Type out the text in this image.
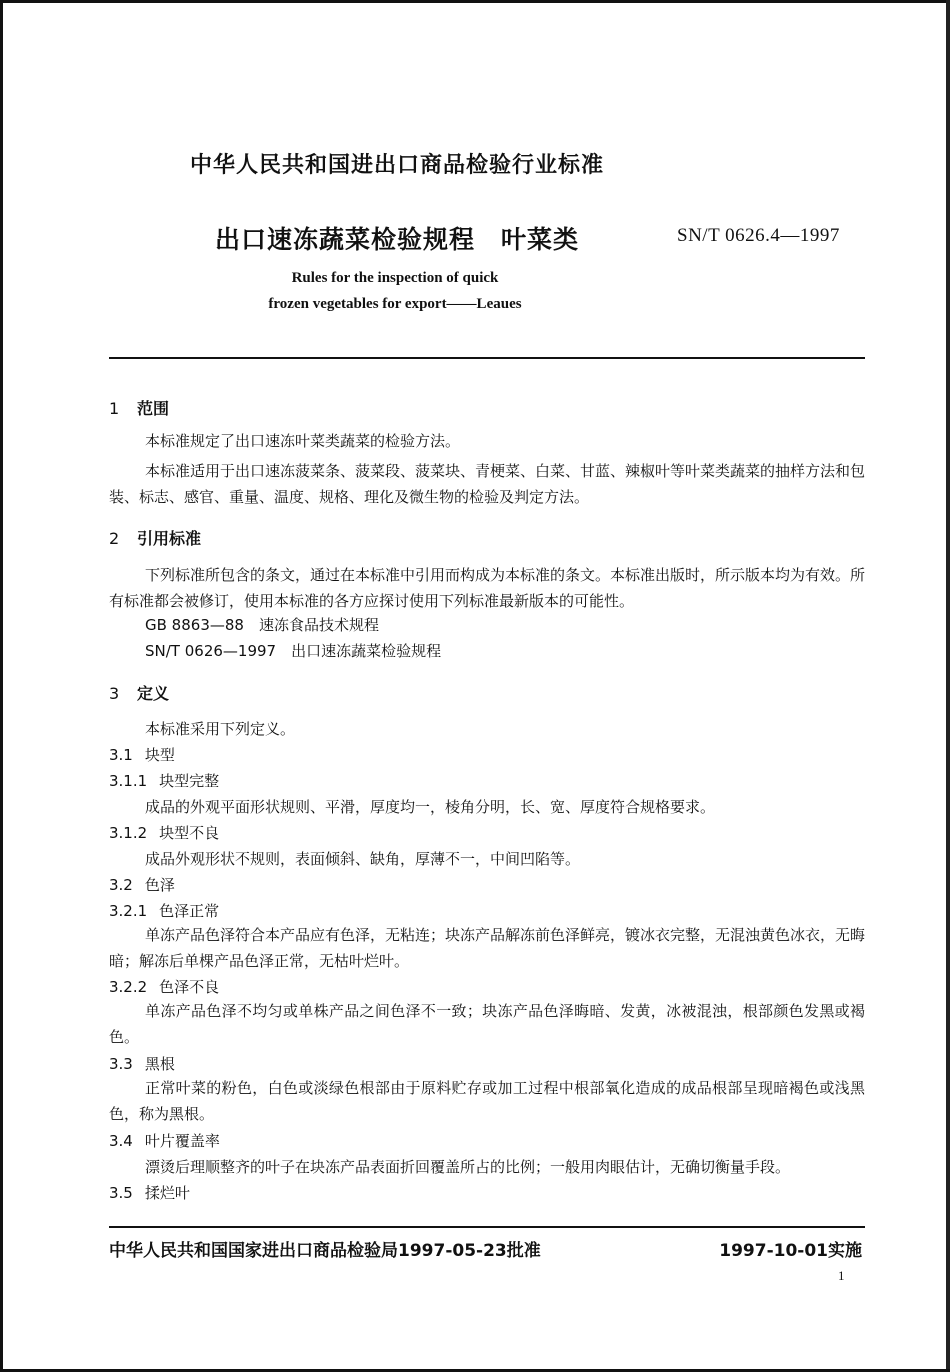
中华人民共和国进出口商品检验行业标准
出口速冻蔬菜检验规程　叶菜类	SN/T 0626.4—1997
Rules for the inspection of quick
frozen vegetables for export——Leaues
1 范围
本标准规定了出口速冻叶菜类蔬菜的检验方法。
本标准适用于出口速冻菠菜条、菠菜段、菠菜块、青梗菜、白菜、甘蓝、辣椒叶等叶菜类蔬菜的抽样方法和包装、标志、感官、重量、温度、规格、理化及微生物的检验及判定方法。
2 引用标准
下列标准所包含的条文，通过在本标准中引用而构成为本标准的条文。本标准出版时，所示版本均为有效。所有标准都会被修订，使用本标准的各方应探讨使用下列标准最新版本的可能性。
GB 8863—88　速冻食品技术规程
SN/T 0626—1997　出口速冻蔬菜检验规程
3 定义
本标准采用下列定义。
3.1 块型
3.1.1 块型完整
成品的外观平面形状规则、平滑，厚度均一，棱角分明，长、宽、厚度符合规格要求。
3.1.2 块型不良
成品外观形状不规则，表面倾斜、缺角，厚薄不一，中间凹陷等。
3.2 色泽
3.2.1 色泽正常
单冻产品色泽符合本产品应有色泽，无粘连；块冻产品解冻前色泽鲜亮，镀冰衣完整，无混浊黄色冰衣，无晦暗；解冻后单棵产品色泽正常，无枯叶烂叶。
3.2.2 色泽不良
单冻产品色泽不均匀或单株产品之间色泽不一致；块冻产品色泽晦暗、发黄，冰被混浊，根部颜色发黑或褐色。
3.3 黑根
正常叶菜的粉色，白色或淡绿色根部由于原料贮存或加工过程中根部氧化造成的成品根部呈现暗褐色或浅黑色，称为黑根。
3.4 叶片覆盖率
漂烫后理顺整齐的叶子在块冻产品表面折回覆盖所占的比例；一般用肉眼估计，无确切衡量手段。
3.5 揉烂叶
中华人民共和国国家进出口商品检验局1997-05-23批准	1997-10-01实施
1
